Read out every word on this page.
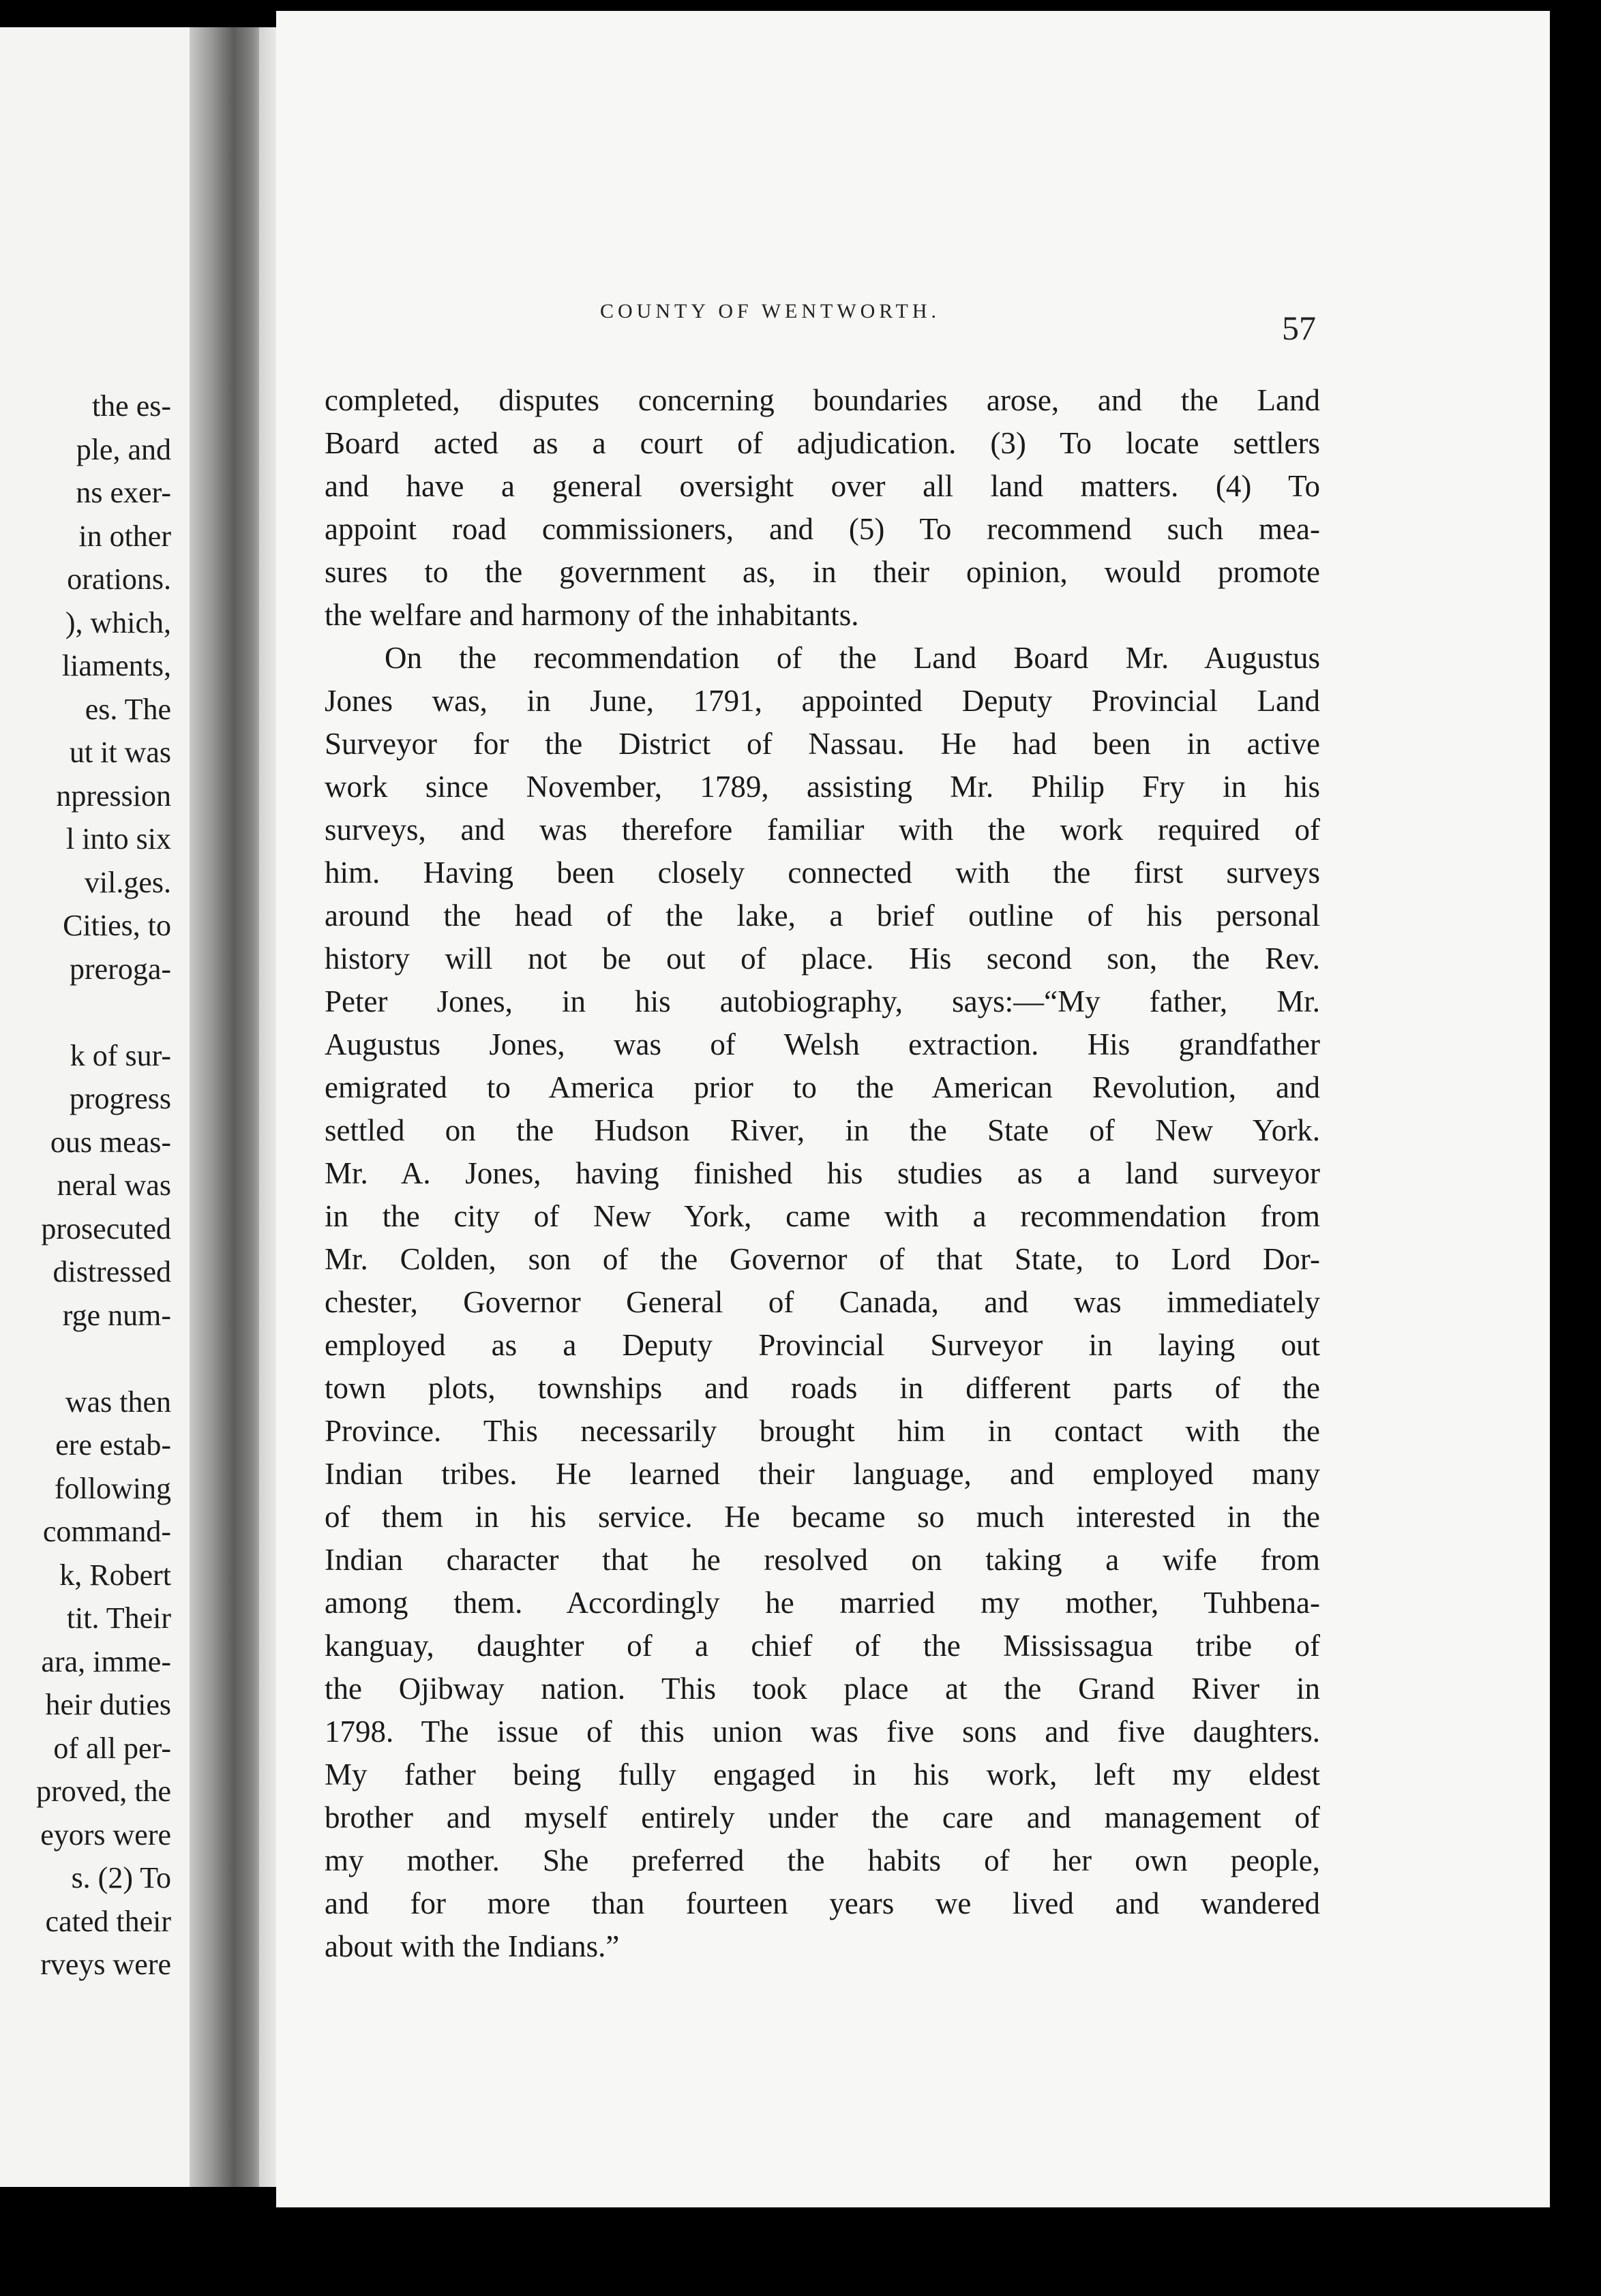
the es-
ple, and
ns exer-
in other
orations.
), which,
liaments,
es. The
ut it was
npression
l into six
vil.ges.
Cities, to
preroga-
k of sur-
progress
ous meas-
neral was
prosecuted
distressed
rge num-
was then
ere estab-
following
command-
k, Robert
tit. Their
ara, imme-
heir duties
of all per-
proved, the
eyors were
s. (2) To
cated their
rveys were
COUNTY OF WENTWORTH.	57
completed, disputes concerning boundaries arose, and the Land
Board acted as a court of adjudication. (3) To locate settlers
and have a general oversight over all land matters. (4) To
appoint road commissioners, and (5) To recommend such mea-
sures to the government as, in their opinion, would promote
the welfare and harmony of the inhabitants.
On the recommendation of the Land Board Mr. Augustus
Jones was, in June, 1791, appointed Deputy Provincial Land
Surveyor for the District of Nassau. He had been in active
work since November, 1789, assisting Mr. Philip Fry in his
surveys, and was therefore familiar with the work required of
him. Having been closely connected with the first surveys
around the head of the lake, a brief outline of his personal
history will not be out of place. His second son, the Rev.
Peter Jones, in his autobiography, says:—“My father, Mr.
Augustus Jones, was of Welsh extraction. His grandfather
emigrated to America prior to the American Revolution, and
settled on the Hudson River, in the State of New York.
Mr. A. Jones, having finished his studies as a land surveyor
in the city of New York, came with a recommendation from
Mr. Colden, son of the Governor of that State, to Lord Dor-
chester, Governor General of Canada, and was immediately
employed as a Deputy Provincial Surveyor in laying out
town plots, townships and roads in different parts of the
Province. This necessarily brought him in contact with the
Indian tribes. He learned their language, and employed many
of them in his service. He became so much interested in the
Indian character that he resolved on taking a wife from
among them. Accordingly he married my mother, Tuhbena-
kanguay, daughter of a chief of the Mississagua tribe of
the Ojibway nation. This took place at the Grand River in
1798. The issue of this union was five sons and five daughters.
My father being fully engaged in his work, left my eldest
brother and myself entirely under the care and management of
my mother. She preferred the habits of her own people,
and for more than fourteen years we lived and wandered
about with the Indians.”
